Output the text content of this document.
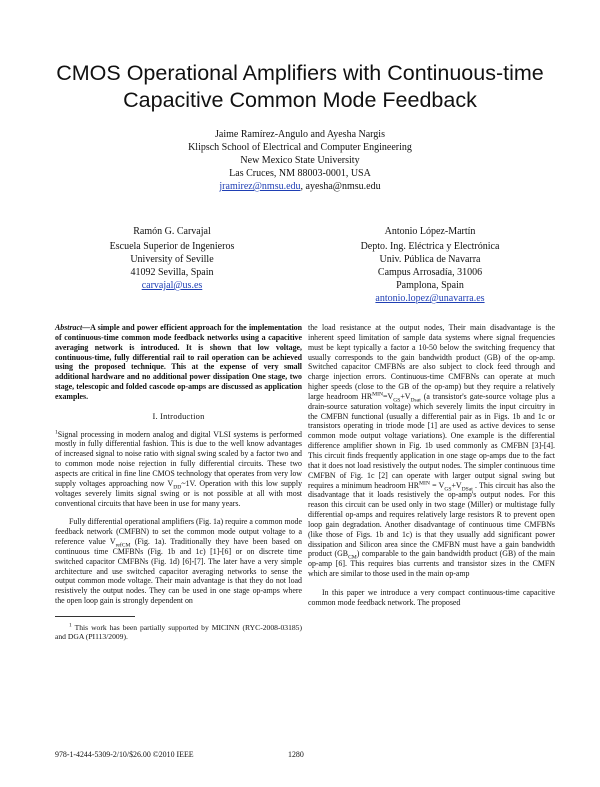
CMOS Operational Amplifiers with Continuous-time
Capacitive Common Mode Feedback
Jaime Ramírez-Angulo and Ayesha Nargis
Klipsch School of Electrical and Computer Engineering
New Mexico State University
Las Cruces, NM 88003-0001, USA
jramirez@nmsu.edu, ayesha@nmsu.edu
Ramón G. Carvajal
Escuela Superior de Ingenieros
University of Seville
41092 Sevilla, Spain
carvajal@us.es
Antonio López-Martín
Depto. Ing. Eléctrica y Electrónica
Univ. Pública de Navarra
Campus Arrosadía, 31006
Pamplona, Spain
antonio.lopez@unavarra.es

Abstract—A simple and power efficient approach for the implementation of continuous-time common mode feedback networks using a capacitive averaging network is introduced. It is shown that low voltage, continuous-time, fully differential rail to rail operation can be achieved using the proposed technique. This at the expense of very small additional hardware and no additional power dissipation One stage, two stage, telescopic and folded cascode op-amps are discussed as application examples.

I. Introduction

$^1$Signal processing in modern analog and digital VLSI systems is performed mostly in fully differential fashion. This is due to the well know advantages of increased signal to noise ratio with signal swing scaled by a factor two and to common mode noise rejection in fully differential circuits. These two aspects are critical in fine line CMOS technology that operates from very low supply voltages approaching now $V_{DD}\sim 1V$. Operation with this low supply voltages severely limits signal swing or is not possible at all with most conventional circuits that have been in use for many years.

Fully differential operational amplifiers (Fig. 1a) require a common mode feedback network (CMFBN) to set the common mode output voltage to a reference value $V_{refCM}$ (Fig. 1a). Traditionally they have been based on continuous time CMFBNs (Fig. 1b and 1c) [1]-[6] or on discrete time switched capacitor CMFBNs (Fig. 1d) [6]-[7]. The later have a very simple architecture and use switched capacitor averaging networks to sense the output common mode voltage. Their main advantage is that they do not load resistively the output nodes. They can be used in one stage op-amps where the open loop gain is strongly dependent on

$^1$ This work has been partially supported by MICINN (RYC-2008-03185) and DGA (PI113/2009).

the load resistance at the output nodes, Their main disadvantage is the inherent speed limitation of sample data systems where signal frequencies must be kept typically a factor a 10-50 below the switching frequency that usually corresponds to the gain bandwidth product (GB) of the op-amp. Switched capacitor CMFBNs are also subject to clock feed through and charge injection errors. Continuous-time CMFBNs can operate at much higher speeds (close to the GB of the op-amp) but they require a relatively large headroom $HR^{MIN}=V_{GS}+V_{Dsat}$ (a transistor's gate-source voltage plus a drain-source saturation voltage) which severely limits the input circuitry in the CMFBN functional (usually a differential pair as in Figs. 1b and 1c or transistors operating in triode mode [1] are used as active devices to sense common mode output voltage variations). One example is the differential difference amplifier shown in Fig. 1b used commonly as CMFBN [3]-[4]. This circuit finds frequently application in one stage op-amps due to the fact that it does not load resistively the output nodes. The simpler continuous time CMFBN of Fig. 1c [2] can operate with larger output signal swing but requires a minimum headroom $HR^{MIN} = V_{GS}+V_{DSat}$ . This circuit has also the disadvantage that it loads resistively the op-amp's output nodes. For this reason this circuit can be used only in two stage (Miller) or multistage fully differential op-amps and requires relatively large resistors R to prevent open loop gain degradation. Another disadvantage of continuous time CMFBNs (like those of Figs. 1b and 1c) is that they usually add significant power dissipation and Silicon area since the CMFBN must have a gain bandwidth product $(GB_{CM})$ comparable to the gain bandwidth product (GB) of the main op-amp [6]. This requires bias currents and transistor sizes in the CMFN which are similar to those used in the main op-amp

In this paper we introduce a very compact continuous-time capacitive common mode feedback network. The proposed

978-1-4244-5309-2/10/$26.00 ©2010 IEEE	1280
